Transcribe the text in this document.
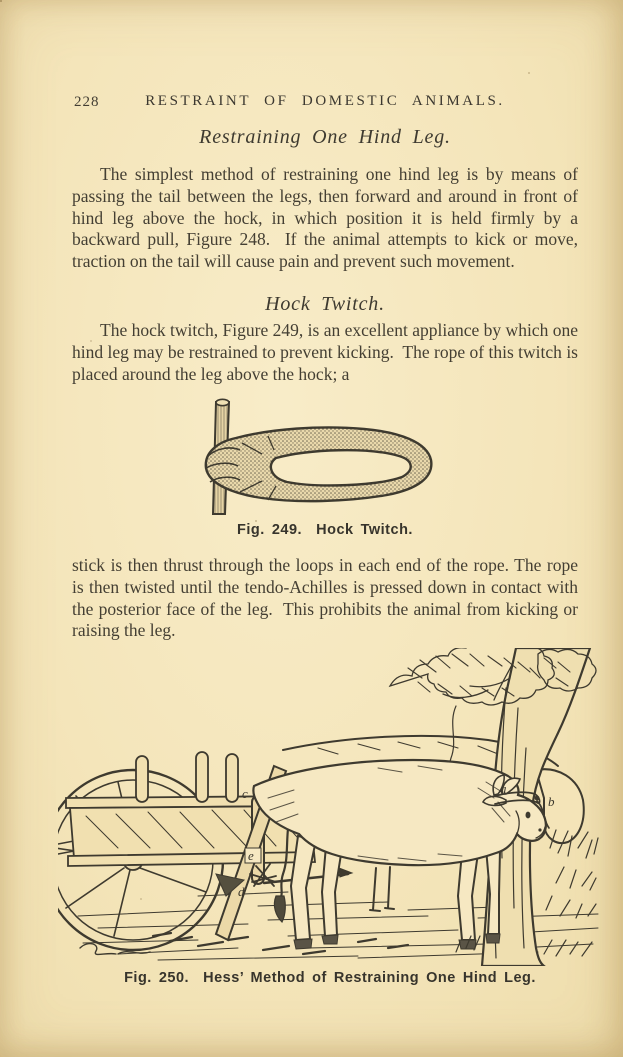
228	RESTRAINT OF DOMESTIC ANIMALS.
Restraining One Hind Leg.
The simplest method of restraining one hind leg is by means of passing the tail between the legs, then forward and around in front of hind leg above the hock, in which position it is held firmly by a backward pull, Figure 248.  If the animal attempts to kick or move, traction on the tail will cause pain and prevent such movement.
Hock Twitch.
The hock twitch, Figure 249, is an excellent appliance by which one hind leg may be restrained to prevent kicking.  The rope of this twitch is placed around the leg above the hock; a
Fig. 249.  Hock Twitch.
stick is then thrust through the loops in each end of the rope. The rope is then twisted until the tendo-Achilles is pressed down in contact with the posterior face of the leg.  This prohibits the animal from kicking or raising the leg.
a
b
c
d
e
Fig. 250.  Hess’ Method of Restraining One Hind Leg.
